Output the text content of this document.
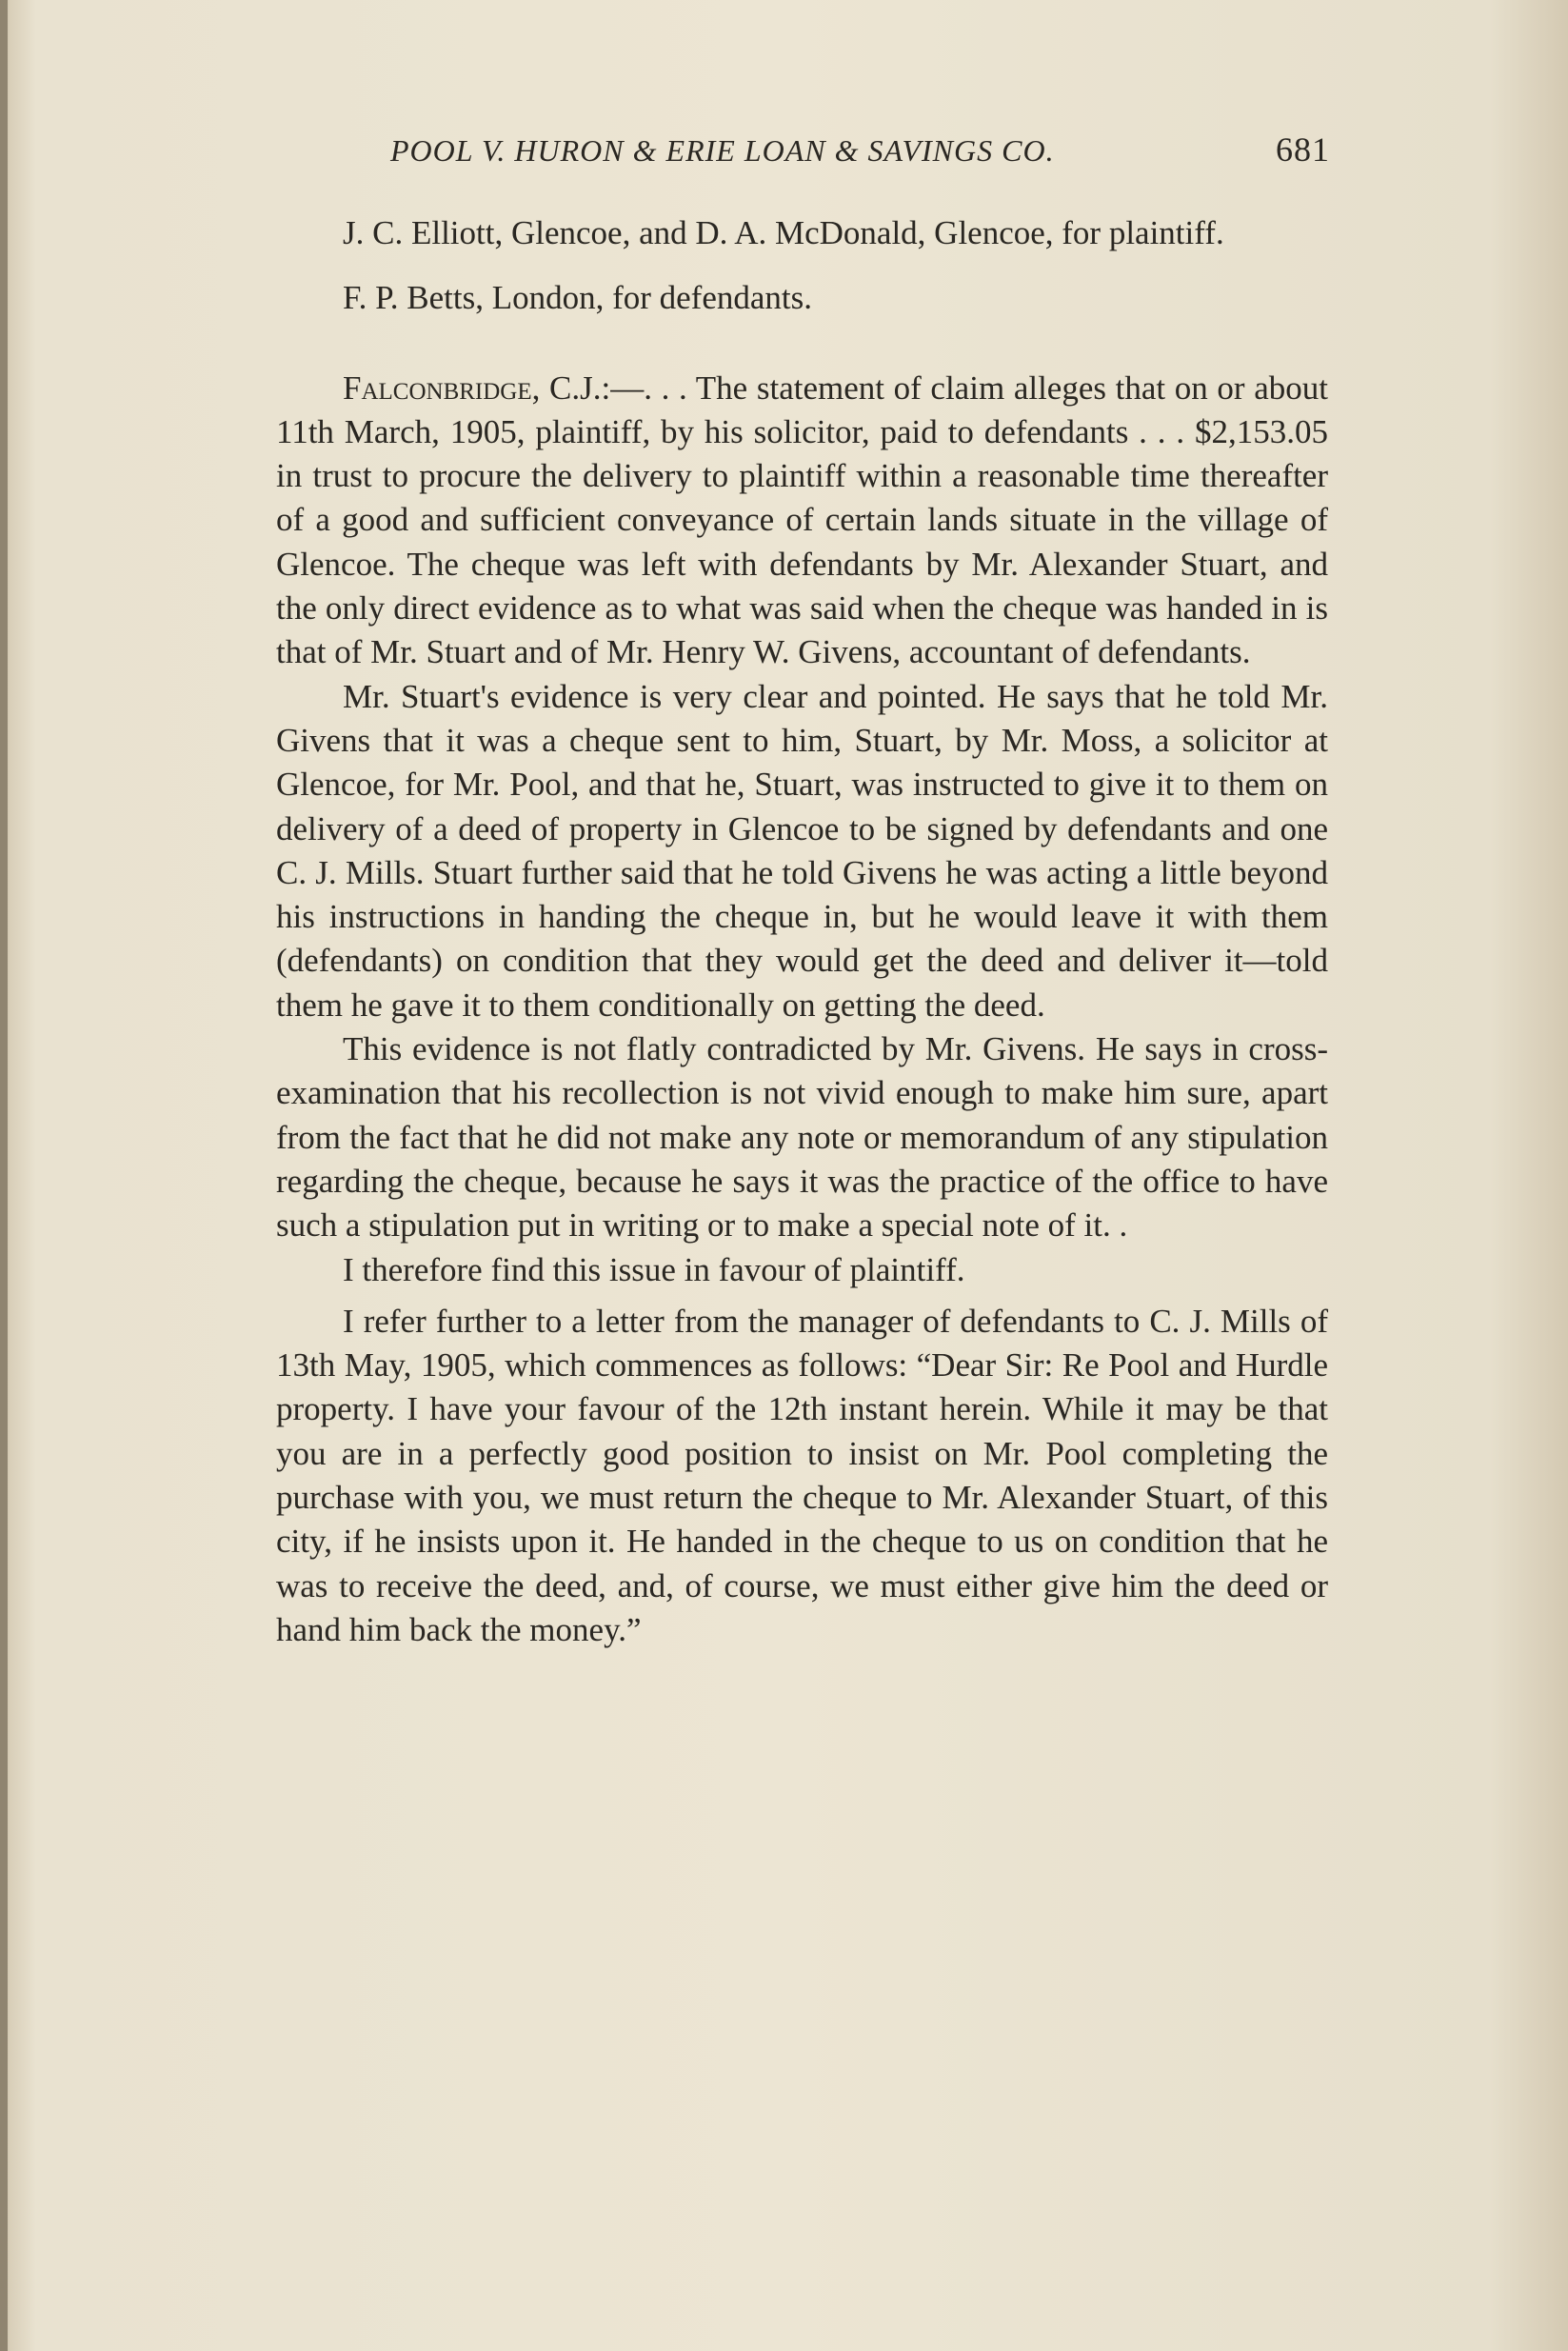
POOL V. HURON & ERIE LOAN & SAVINGS CO.	681

J. C. Elliott, Glencoe, and D. A. McDonald, Glencoe, for plaintiff.

F. P. Betts, London, for defendants.

Falconbridge, C.J.:—. . . The statement of claim alleges that on or about 11th March, 1905, plaintiff, by his solicitor, paid to defendants . . . $2,153.05 in trust to procure the delivery to plaintiff within a reasonable time thereafter of a good and sufficient conveyance of certain lands situate in the village of Glencoe. The cheque was left with defendants by Mr. Alexander Stuart, and the only direct evidence as to what was said when the cheque was handed in is that of Mr. Stuart and of Mr. Henry W. Givens, accountant of defendants.

Mr. Stuart's evidence is very clear and pointed. He says that he told Mr. Givens that it was a cheque sent to him, Stuart, by Mr. Moss, a solicitor at Glencoe, for Mr. Pool, and that he, Stuart, was instructed to give it to them on delivery of a deed of property in Glencoe to be signed by defendants and one C. J. Mills. Stuart further said that he told Givens he was acting a little beyond his instructions in handing the cheque in, but he would leave it with them (defendants) on condition that they would get the deed and deliver it—told them he gave it to them conditionally on getting the deed.

This evidence is not flatly contradicted by Mr. Givens. He says in cross-examination that his recollection is not vivid enough to make him sure, apart from the fact that he did not make any note or memorandum of any stipulation regarding the cheque, because he says it was the practice of the office to have such a stipulation put in writing or to make a special note of it. .

I therefore find this issue in favour of plaintiff.

I refer further to a letter from the manager of defendants to C. J. Mills of 13th May, 1905, which commences as follows: “Dear Sir: Re Pool and Hurdle property. I have your favour of the 12th instant herein. While it may be that you are in a perfectly good position to insist on Mr. Pool completing the purchase with you, we must return the cheque to Mr. Alexander Stuart, of this city, if he insists upon it. He handed in the cheque to us on condition that he was to receive the deed, and, of course, we must either give him the deed or hand him back the money.”
